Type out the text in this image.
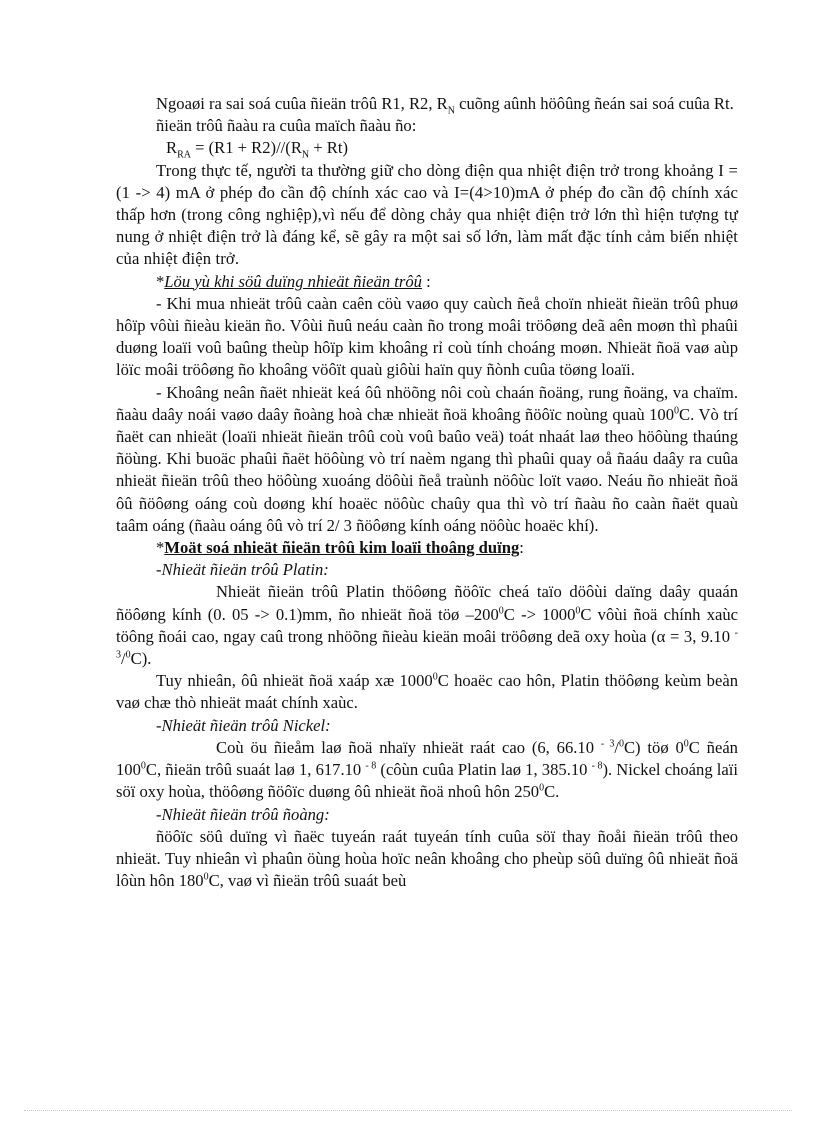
Ngoaøi ra sai soá cuûa ñieän trôû R1, R2, $R_N$ cuõng aûnh höôûng ñeán sai soá cuûa Rt.

ñieän trôû ñaàu ra cuûa maïch ñaàu ño:

$R_{RA} = (R1 + R2)//(R_N + Rt)$

Trong thực tế, người ta thường giữ cho dòng điện qua nhiệt điện trở trong khoảng I = (1 -> 4) mA ở phép đo cần độ chính xác cao và I=(4>10)mA ở phép đo cần độ chính xác thấp hơn (trong công nghiệp),vì nếu để dòng chảy qua nhiệt điện trở lớn thì hiện tượng tự nung ở nhiệt điện trở là đáng kể, sẽ gây ra một sai số lớn, làm mất đặc tính cảm biến nhiệt của nhiệt điện trở.

*Löu yù khi söû duïng nhieät ñieän trôû :

- Khi mua nhieät trôû caàn caên cöù vaøo quy caùch ñeå choïn nhieät ñieän trôû phuø hôïp vôùi ñieàu kieän ño. Vôùi ñuû neáu caàn ño trong moâi tröôøng deã aên moøn thì phaûi duøng loaïi voû baûng theùp hôïp kim khoâng rỉ coù tính choáng moøn. Nhieät ñoä vaø aùp löïc moâi tröôøng ño khoâng vöôït quaù giôùi haïn quy ñònh cuûa töøng loaïi.

- Khoâng neân ñaët nhieät keá ôû nhöõng nôi coù chaán ñoäng, rung ñoäng, va chaïm. ñaàu daây noái vaøo daây ñoàng hoà chæ nhieät ñoä khoâng ñöôïc noùng quaù $100^0C$. Vò trí ñaët can nhieät (loaïi nhieät ñieän trôû coù voû baûo veä) toát nhaát laø theo höôùng thaúng ñöùng. Khi buoäc phaûi ñaët höôùng vò trí naèm ngang thì phaûi quay oå ñaáu daây ra cuûa nhieät ñieän trôû theo höôùng xuoáng döôùi ñeå traùnh nöôùc loït vaøo. Neáu ño nhieät ñoä ôû ñöôøng oáng coù doøng khí hoaëc nöôùc chaûy qua thì vò trí ñaàu ño caàn ñaët quaù taâm oáng (ñaàu oáng ôû vò trí 2/ 3 ñöôøng kính oáng nöôùc hoaëc khí).

*Moät soá nhieät ñieän trôû kim loaïi thoâng duïng:

-Nhieät ñieän trôû Platin:

Nhieät ñieän trôû Platin thöôøng ñöôïc cheá taïo döôùi daïng daây quaán ñöôøng kính (0. 05 -> 0.1)mm, ño nhieät ñoä töø $-200^0C -> 1000^0C$ vôùi ñoä chính xaùc töông ñoái cao, ngay caû trong nhöõng ñieàu kieän moâi tröôøng deã oxy hoùa (α = 3, 9.10 $^{- 3}$/$^0$C).

Tuy nhieân, ôû nhieät ñoä xaáp xæ 1000$^0$C hoaëc cao hôn, Platin thöôøng keùm beàn vaø chæ thò nhieät maát chính xaùc.

-Nhieät ñieän trôû Nickel:

Coù öu ñieåm laø ñoä nhaïy nhieät raát cao (6, 66.10 $^{- 3}$/$^0$C) töø $0^0C$ ñeán $100^0C$, ñieän trôû suaát laø 1, 617.10 $^{- 8}$ (côùn cuûa Platin laø 1, 385.10 $^{- 8}$). Nickel choáng laïi söï oxy hoùa, thöôøng ñöôïc duøng ôû nhieät ñoä nhoû hôn $250^0C$.

-Nhieät ñieän trôû ñoàng:

ñöôïc söû duïng vì ñaëc tuyeán raát tuyeán tính cuûa söï thay ñoåi ñieän trôû theo nhieät. Tuy nhieân vì phaûn öùng hoùa hoïc neân khoâng cho pheùp söû duïng ôû nhieät ñoä lôùn hôn $180^0C$, vaø vì ñieän trôû suaát beù
